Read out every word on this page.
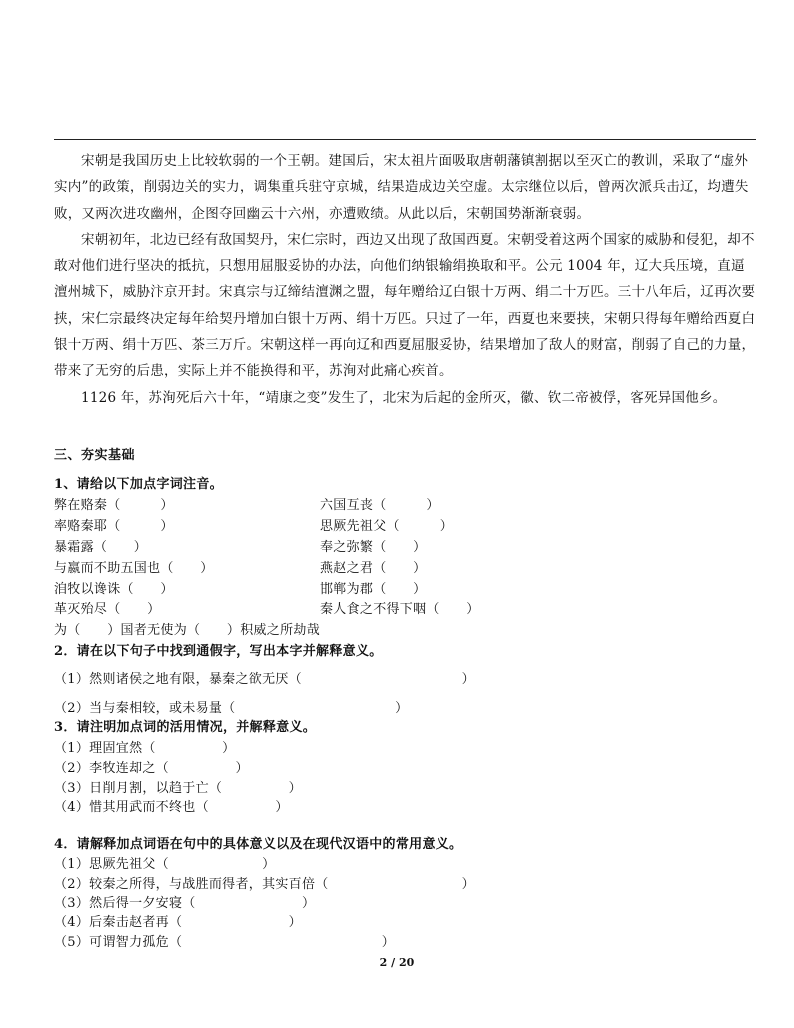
宋朝是我国历史上比较软弱的一个王朝。建国后，宋太祖片面吸取唐朝藩镇割据以至灭亡的教训，采取了“虚外实内”的政策，削弱边关的实力，调集重兵驻守京城，结果造成边关空虚。太宗继位以后，曾两次派兵击辽，均遭失败，又两次进攻幽州，企图夺回幽云十六州，亦遭败绩。从此以后，宋朝国势渐渐衰弱。

宋朝初年，北边已经有敌国契丹，宋仁宗时，西边又出现了敌国西夏。宋朝受着这两个国家的威胁和侵犯，却不敢对他们进行坚决的抵抗，只想用屈服妥协的办法，向他们纳银输绢换取和平。公元 1004 年，辽大兵压境，直逼澶州城下，威胁汴京开封。宋真宗与辽缔结澶渊之盟，每年赠给辽白银十万两、绢二十万匹。三十八年后，辽再次要挟，宋仁宗最终决定每年给契丹增加白银十万两、绢十万匹。只过了一年，西夏也来要挟，宋朝只得每年赠给西夏白银十万两、绢十万匹、茶三万斤。宋朝这样一再向辽和西夏屈服妥协，结果增加了敌人的财富，削弱了自己的力量，带来了无穷的后患，实际上并不能换得和平，苏洵对此痛心疾首。

1126 年，苏洵死后六十年，“靖康之变”发生了，北宋为后起的金所灭，徽、钦二帝被俘，客死异国他乡。

三、夯实基础
1、请给以下加点字词注音。
弊在赂秦（　　　）
率赂秦耶（　　　）
暴霜露（　　）
与嬴而不助五国也（　　）
洎牧以谗诛（　　）
革灭殆尽（　　）
六国互丧（　　　）
思厥先祖父（　　　）
奉之弥繁（　　）
燕赵之君（　　）
邯郸为郡（　　）
秦人食之不得下咽（　　）
为（　　）国者无使为（　　）积威之所劫哉
2．请在以下句子中找到通假字，写出本字并解释意义。
（1）然则诸侯之地有限，暴秦之欲无厌（　　　　　　　　　　　　）
（2）当与秦相较，或未易量（　　　　　　　　　　　　）
3．请注明加点词的活用情况，并解释意义。
（1）理固宜然（　　　　　）
（2）李牧连却之（　　　　　）
（3）日削月割，以趋于亡（　　　　　）
（4）惜其用武而不终也（　　　　　）
4．请解释加点词语在句中的具体意义以及在现代汉语中的常用意义。
（1）思厥先祖父（　　　　　　　）
（2）较秦之所得，与战胜而得者，其实百倍（　　　　　　　　　　）
（3）然后得一夕安寝（　　　　　　　　）
（4）后秦击赵者再（　　　　　　　　）
（5）可谓智力孤危（　　　　　　　　　　　　　　　）
2 / 20
